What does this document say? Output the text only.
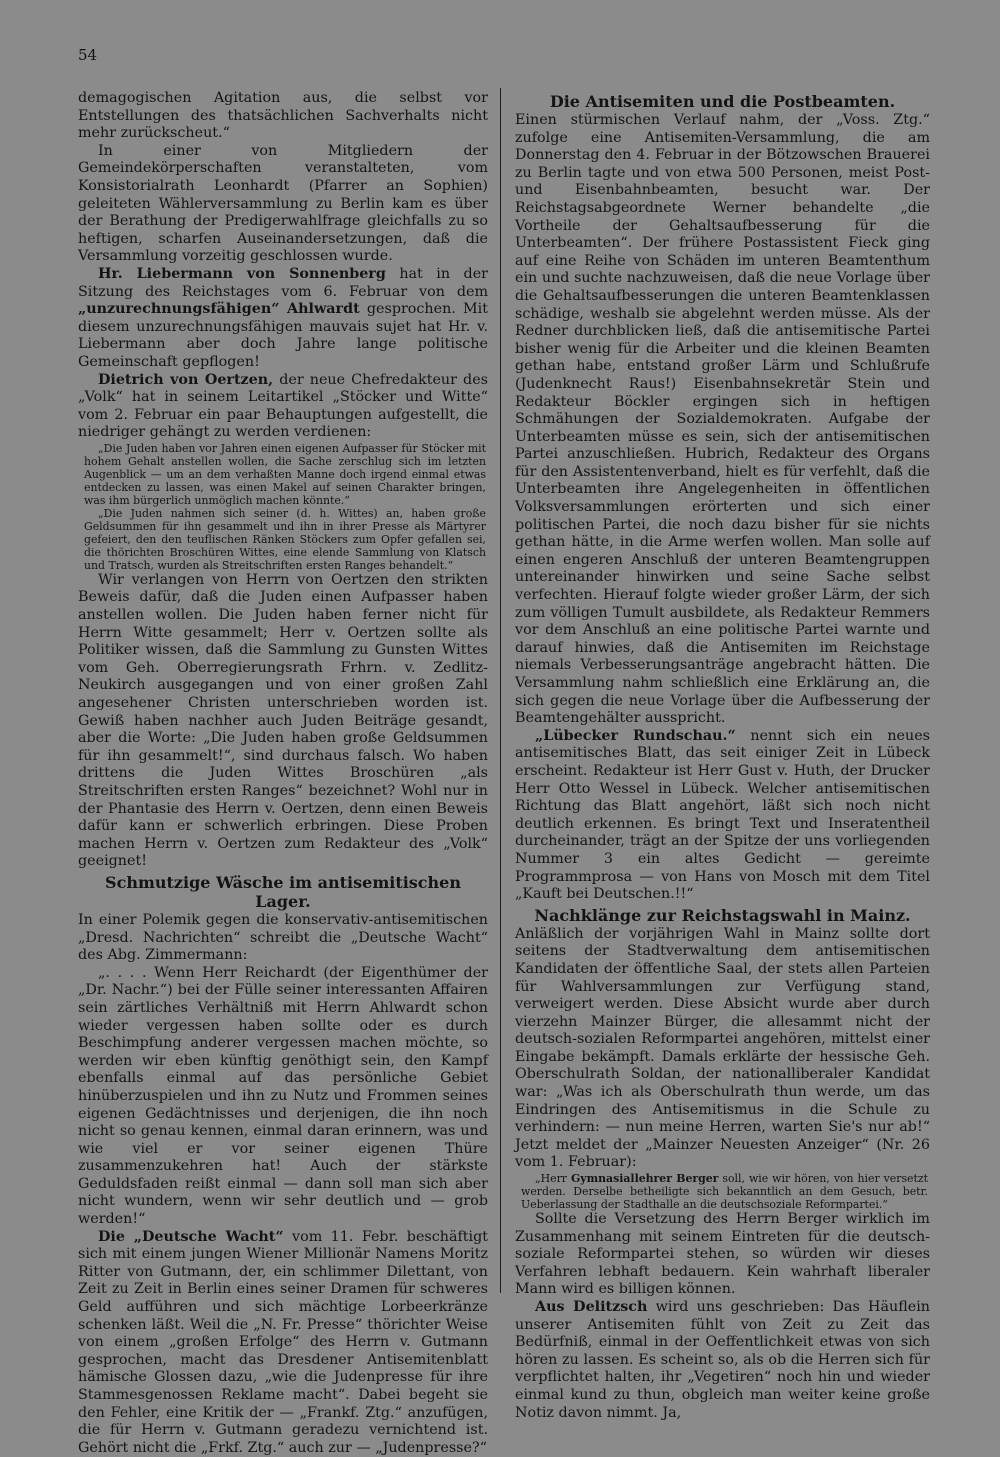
54

demagogischen Agitation aus, die selbst vor Entstellungen des thatsächlichen Sachverhalts nicht mehr zurückscheut.“

In einer von Mitgliedern der Gemeindekörperschaften veranstalteten, vom Konsistorialrath Leonhardt (Pfarrer an Sophien) geleiteten Wählerversammlung zu Berlin kam es über der Berathung der Predigerwahlfrage gleichfalls zu so heftigen, scharfen Auseinandersetzungen, daß die Versammlung vorzeitig geschlossen wurde.

Hr. Liebermann von Sonnenberg hat in der Sitzung des Reichstages vom 6. Februar von dem „unzurechnungsfähigen“ Ahlwardt gesprochen. Mit diesem unzurechnungsfähigen mauvais sujet hat Hr. v. Liebermann aber doch Jahre lange politische Gemeinschaft gepflogen!

Dietrich von Oertzen, der neue Chefredakteur des „Volk“ hat in seinem Leitartikel „Stöcker und Witte“ vom 2. Februar ein paar Behauptungen aufgestellt, die niedriger gehängt zu werden verdienen:

„Die Juden haben vor Jahren einen eigenen Aufpasser für Stöcker mit hohem Gehalt anstellen wollen, die Sache zerschlug sich im letzten Augenblick — um an dem verhaßten Manne doch irgend einmal etwas entdecken zu lassen, was einen Makel auf seinen Charakter bringen, was ihm bürgerlich unmöglich machen könnte.“

„Die Juden nahmen sich seiner (d. h. Wittes) an, haben große Geldsummen für ihn gesammelt und ihn in ihrer Presse als Märtyrer gefeiert, den den teuflischen Ränken Stöckers zum Opfer gefallen sei, die thörichten Broschüren Wittes, eine elende Sammlung von Klatsch und Tratsch, wurden als Streitschriften ersten Ranges behandelt.“

Wir verlangen von Herrn von Oertzen den strikten Beweis dafür, daß die Juden einen Aufpasser haben anstellen wollen. Die Juden haben ferner nicht für Herrn Witte gesammelt; Herr v. Oertzen sollte als Politiker wissen, daß die Sammlung zu Gunsten Wittes vom Geh. Oberregierungsrath Frhrn. v. Zedlitz-Neukirch ausgegangen und von einer großen Zahl angesehener Christen unterschrieben worden ist. Gewiß haben nachher auch Juden Beiträge gesandt, aber die Worte: „Die Juden haben große Geldsummen für ihn gesammelt!“, sind durchaus falsch. Wo haben drittens die Juden Wittes Broschüren „als Streitschriften ersten Ranges“ bezeichnet? Wohl nur in der Phantasie des Herrn v. Oertzen, denn einen Beweis dafür kann er schwerlich erbringen. Diese Proben machen Herrn v. Oertzen zum Redakteur des „Volk“ geeignet!

Schmutzige Wäsche im antisemitischen Lager.

In einer Polemik gegen die konservativ-antisemitischen „Dresd. Nachrichten“ schreibt die „Deutsche Wacht“ des Abg. Zimmermann:

„. . . . Wenn Herr Reichardt (der Eigenthümer der „Dr. Nachr.“) bei der Fülle seiner interessanten Affairen sein zärtliches Verhältniß mit Herrn Ahlwardt schon wieder vergessen haben sollte oder es durch Beschimpfung anderer vergessen machen möchte, so werden wir eben künftig genöthigt sein, den Kampf ebenfalls einmal auf das persönliche Gebiet hinüberzuspielen und ihn zu Nutz und Frommen seines eigenen Gedächtnisses und derjenigen, die ihn noch nicht so genau kennen, einmal daran erinnern, was und wie viel er vor seiner eigenen Thüre zusammenzukehren hat! Auch der stärkste Geduldsfaden reißt einmal — dann soll man sich aber nicht wundern, wenn wir sehr deutlich und — grob werden!“

Die „Deutsche Wacht“ vom 11. Febr. beschäftigt sich mit einem jungen Wiener Millionär Namens Moritz Ritter von Gutmann, der, ein schlimmer Dilettant, von Zeit zu Zeit in Berlin eines seiner Dramen für schweres Geld aufführen und sich mächtige Lorbeerkränze schenken läßt. Weil die „N. Fr. Presse“ thörichter Weise von einem „großen Erfolge“ des Herrn v. Gutmann gesprochen, macht das Dresdener Antisemitenblatt hämische Glossen dazu, „wie die Judenpresse für ihre Stammesgenossen Reklame macht“. Dabei begeht sie den Fehler, eine Kritik der — „Frankf. Ztg.“ anzufügen, die für Herrn v. Gutmann geradezu vernichtend ist. Gehört nicht die „Frkf. Ztg.“ auch zur — „Judenpresse?“

Die Antisemiten und die Postbeamten.

Einen stürmischen Verlauf nahm, der „Voss. Ztg.“ zufolge eine Antisemiten-Versammlung, die am Donnerstag den 4. Februar in der Bötzowschen Brauerei zu Berlin tagte und von etwa 500 Personen, meist Post- und Eisenbahnbeamten, besucht war. Der Reichstagsabgeordnete Werner behandelte „die Vortheile der Gehaltsaufbesserung für die Unterbeamten“. Der frühere Postassistent Fieck ging auf eine Reihe von Schäden im unteren Beamtenthum ein und suchte nachzuweisen, daß die neue Vorlage über die Gehaltsaufbesserungen die unteren Beamtenklassen schädige, weshalb sie abgelehnt werden müsse. Als der Redner durchblicken ließ, daß die antisemitische Partei bisher wenig für die Arbeiter und die kleinen Beamten gethan habe, entstand großer Lärm und Schlußrufe (Judenknecht Raus!) Eisenbahnsekretär Stein und Redakteur Böckler ergingen sich in heftigen Schmähungen der Sozialdemokraten. Aufgabe der Unterbeamten müsse es sein, sich der antisemitischen Partei anzuschließen. Hubrich, Redakteur des Organs für den Assistentenverband, hielt es für verfehlt, daß die Unterbeamten ihre Angelegenheiten in öffentlichen Volksversammlungen erörterten und sich einer politischen Partei, die noch dazu bisher für sie nichts gethan hätte, in die Arme werfen wollen. Man solle auf einen engeren Anschluß der unteren Beamtengruppen untereinander hinwirken und seine Sache selbst verfechten. Hierauf folgte wieder großer Lärm, der sich zum völligen Tumult ausbildete, als Redakteur Remmers vor dem Anschluß an eine politische Partei warnte und darauf hinwies, daß die Antisemiten im Reichstage niemals Verbesserungsanträge angebracht hätten. Die Versammlung nahm schließlich eine Erklärung an, die sich gegen die neue Vorlage über die Aufbesserung der Beamtengehälter ausspricht.

„Lübecker Rundschau.“ nennt sich ein neues antisemitisches Blatt, das seit einiger Zeit in Lübeck erscheint. Redakteur ist Herr Gust v. Huth, der Drucker Herr Otto Wessel in Lübeck. Welcher antisemitischen Richtung das Blatt angehört, läßt sich noch nicht deutlich erkennen. Es bringt Text und Inseratentheil durcheinander, trägt an der Spitze der uns vorliegenden Nummer 3 ein altes Gedicht — gereimte Programmprosa — von Hans von Mosch mit dem Titel „Kauft bei Deutschen.!!“

Nachklänge zur Reichstagswahl in Mainz.

Anläßlich der vorjährigen Wahl in Mainz sollte dort seitens der Stadtverwaltung dem antisemitischen Kandidaten der öffentliche Saal, der stets allen Parteien für Wahlversammlungen zur Verfügung stand, verweigert werden. Diese Absicht wurde aber durch vierzehn Mainzer Bürger, die allesammt nicht der deutsch-sozialen Reformpartei angehören, mittelst einer Eingabe bekämpft. Damals erklärte der hessische Geh. Oberschulrath Soldan, der nationalliberaler Kandidat war: „Was ich als Oberschulrath thun werde, um das Eindringen des Antisemitismus in die Schule zu verhindern: — nun meine Herren, warten Sie's nur ab!“ Jetzt meldet der „Mainzer Neuesten Anzeiger“ (Nr. 26 vom 1. Februar):

„Herr Gymnasiallehrer Berger soll, wie wir hören, von hier versetzt werden. Derselbe betheiligte sich bekanntlich an dem Gesuch, betr. Ueberlassung der Stadthalle an die deutschsoziale Reformpartei.“

Sollte die Versetzung des Herrn Berger wirklich im Zusammenhang mit seinem Eintreten für die deutsch-soziale Reformpartei stehen, so würden wir dieses Verfahren lebhaft bedauern. Kein wahrhaft liberaler Mann wird es billigen können.

Aus Delitzsch wird uns geschrieben: Das Häuflein unserer Antisemiten fühlt von Zeit zu Zeit das Bedürfniß, einmal in der Oeffentlichkeit etwas von sich hören zu lassen. Es scheint so, als ob die Herren sich für verpflichtet halten, ihr „Vegetiren“ noch hin und wieder einmal kund zu thun, obgleich man weiter keine große Notiz davon nimmt. Ja,
